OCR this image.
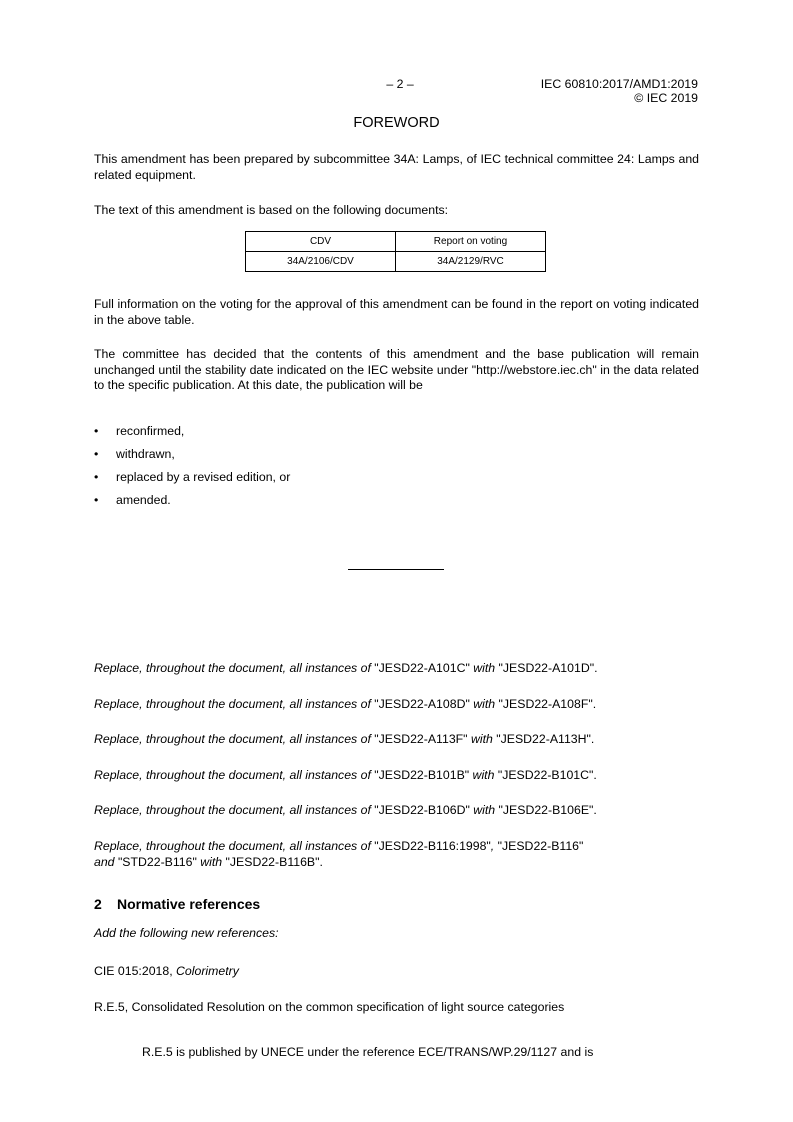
– 2 –	IEC 60810:2017/AMD1:2019
© IEC 2019
FOREWORD
This amendment has been prepared by subcommittee 34A: Lamps, of IEC technical committee 24: Lamps and related equipment.
The text of this amendment is based on the following documents:
CDV	Report on voting
34A/2106/CDV	34A/2129/RVC
Full information on the voting for the approval of this amendment can be found in the report on voting indicated in the above table.
The committee has decided that the contents of this amendment and the base publication will remain unchanged until the stability date indicated on the IEC website under "http://webstore.iec.ch" in the data related to the specific publication. At this date, the publication will be
• reconfirmed,
• withdrawn,
• replaced by a revised edition, or
• amended.
Replace, throughout the document, all instances of "JESD22-A101C" with "JESD22-A101D".
Replace, throughout the document, all instances of "JESD22-A108D" with "JESD22-A108F".
Replace, throughout the document, all instances of "JESD22-A113F" with "JESD22-A113H".
Replace, throughout the document, all instances of "JESD22-B101B" with "JESD22-B101C".
Replace, throughout the document, all instances of "JESD22-B106D" with "JESD22-B106E".
Replace, throughout the document, all instances of "JESD22-B116:1998", "JESD22-B116"
and "STD22-B116" with "JESD22-B116B".
2 Normative references
Add the following new references:
CIE 015:2018, Colorimetry
R.E.5, Consolidated Resolution on the common specification of light source categories
R.E.5 is published by UNECE under the reference ECE/TRANS/WP.29/1127 and is
